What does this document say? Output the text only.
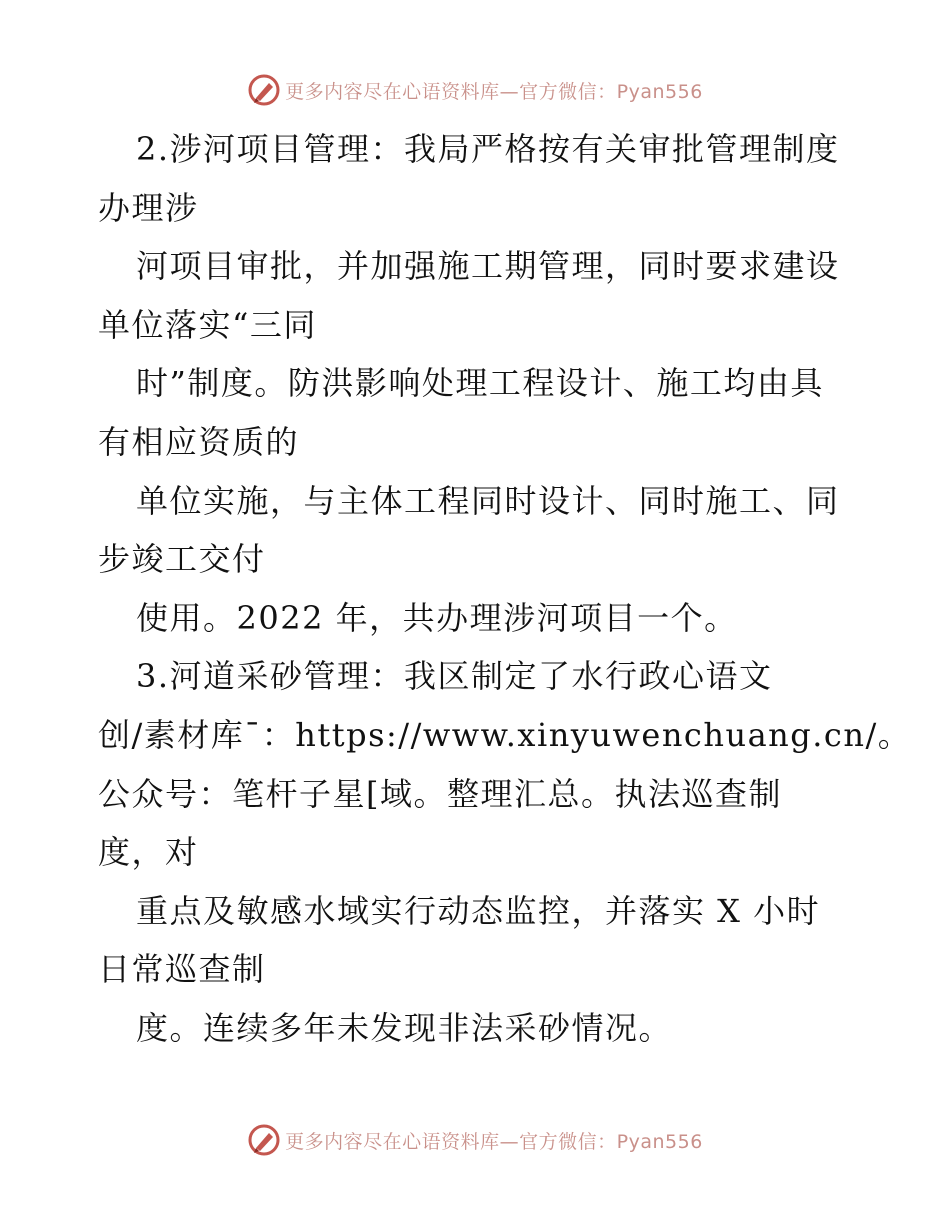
更多内容尽在心语资料库—官方微信：Pyan556
2.涉河项目管理：我局严格按有关审批管理制度
办理涉
河项目审批，并加强施工期管理，同时要求建设
单位落实“三同
时”制度。防洪影响处理工程设计、施工均由具
有相应资质的
单位实施，与主体工程同时设计、同时施工、同
步竣工交付
使用。2022 年，共办理涉河项目一个。
3.河道采砂管理：我区制定了水行政心语文
创/素材库¯：https://www.xinyuwenchuang.cn/。
公众号：笔杆子星[域。整理汇总。执法巡查制
度，对
重点及敏感水域实行动态监控，并落实 X 小时
日常巡查制
度。连续多年未发现非法采砂情况。
更多内容尽在心语资料库—官方微信：Pyan556
